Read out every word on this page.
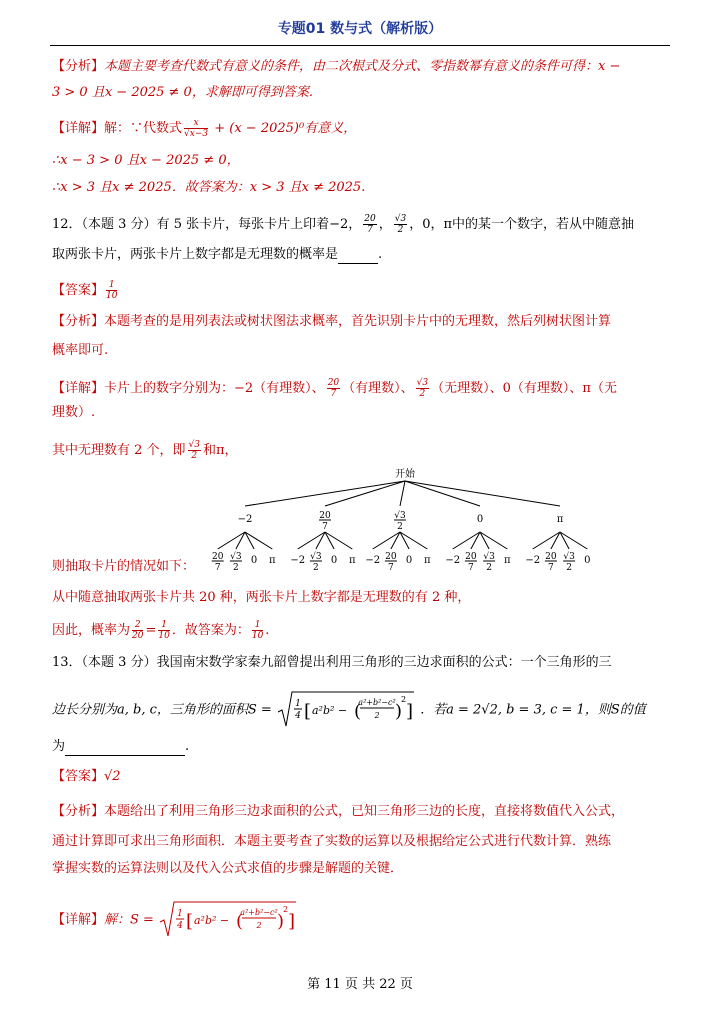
专题01 数与式（解析版）
【分析】本题主要考查代数式有意义的条件，由二次根式及分式、零指数幂有意义的条件可得：x −
3 > 0 且x − 2025 ≠ 0，求解即可得到答案.
【详解】解：∵代数式 $\frac{x}{√x-3} + (x - 2025)^0$有意义，
∴x − 3 > 0 且x − 2025 ≠ 0，
∴x > 3 且x ≠ 2025．故答案为：x > 3 且x ≠ 2025.
12．（本题 3 分）有 5 张卡片，每张卡片上印着−2， $\frac{20}{7}$ ， $\frac{√3}{2}$ ，0，π中的某一个数字，若从中随意抽
取两张卡片，两张卡片上数字都是无理数的概率是	.
【答案】 $\frac{1}{10}$
【分析】本题考查的是用列表法或树状图法求概率，首先识别卡片中的无理数，然后列树状图计算
概率即可.
【详解】卡片上的数字分别为：−2（有理数）、 $\frac{20}{7}$ （有理数）、 $\frac{√3}{2}$ （无理数）、0（有理数）、π（无
理数）.
其中无理数有 2 个，即 $\frac{√3}{2}$ 和π，
开始
−2
20
7
√3
2
0 π
20
7
−2 √3
2
0 π
√3
2
−2 20
7
0 π
0
−2 20
7
√3
2
π
π
−2 20
7
√3
2
0
则抽取卡片的情况如下：
从中随意抽取两张卡片共 20 种，两张卡片上数字都是无理数的有 2 种，
因此，概率为 $\frac{2}{20} = \frac{1}{10}$ ．故答案为： $\frac{1}{10}$ .
13．（本题 3 分）我国南宋数学家秦九韶曾提出利用三角形的三边求面积的公式：一个三角形的三
边长分别为a, b, c，三角形的面积S =	1
4 [ a²b² − (
a²+b²−c²
2 )
2
] ．若a = 2√2, b = 3, c = 1，则S的值
为	.
【答案】√2
【分析】本题给出了利用三角形三边求面积的公式，已知三角形三边的长度，直接将数值代入公式，
通过计算即可求出三角形面积．本题主要考查了实数的运算以及根据给定公式进行代数计算．熟练
掌握实数的运算法则以及代入公式求值的步骤是解题的关键．
【详解】解：S =	1
4 [ a²b² − (
a²+b²−c²
2 )
2
]
第 11 页 共 22 页
